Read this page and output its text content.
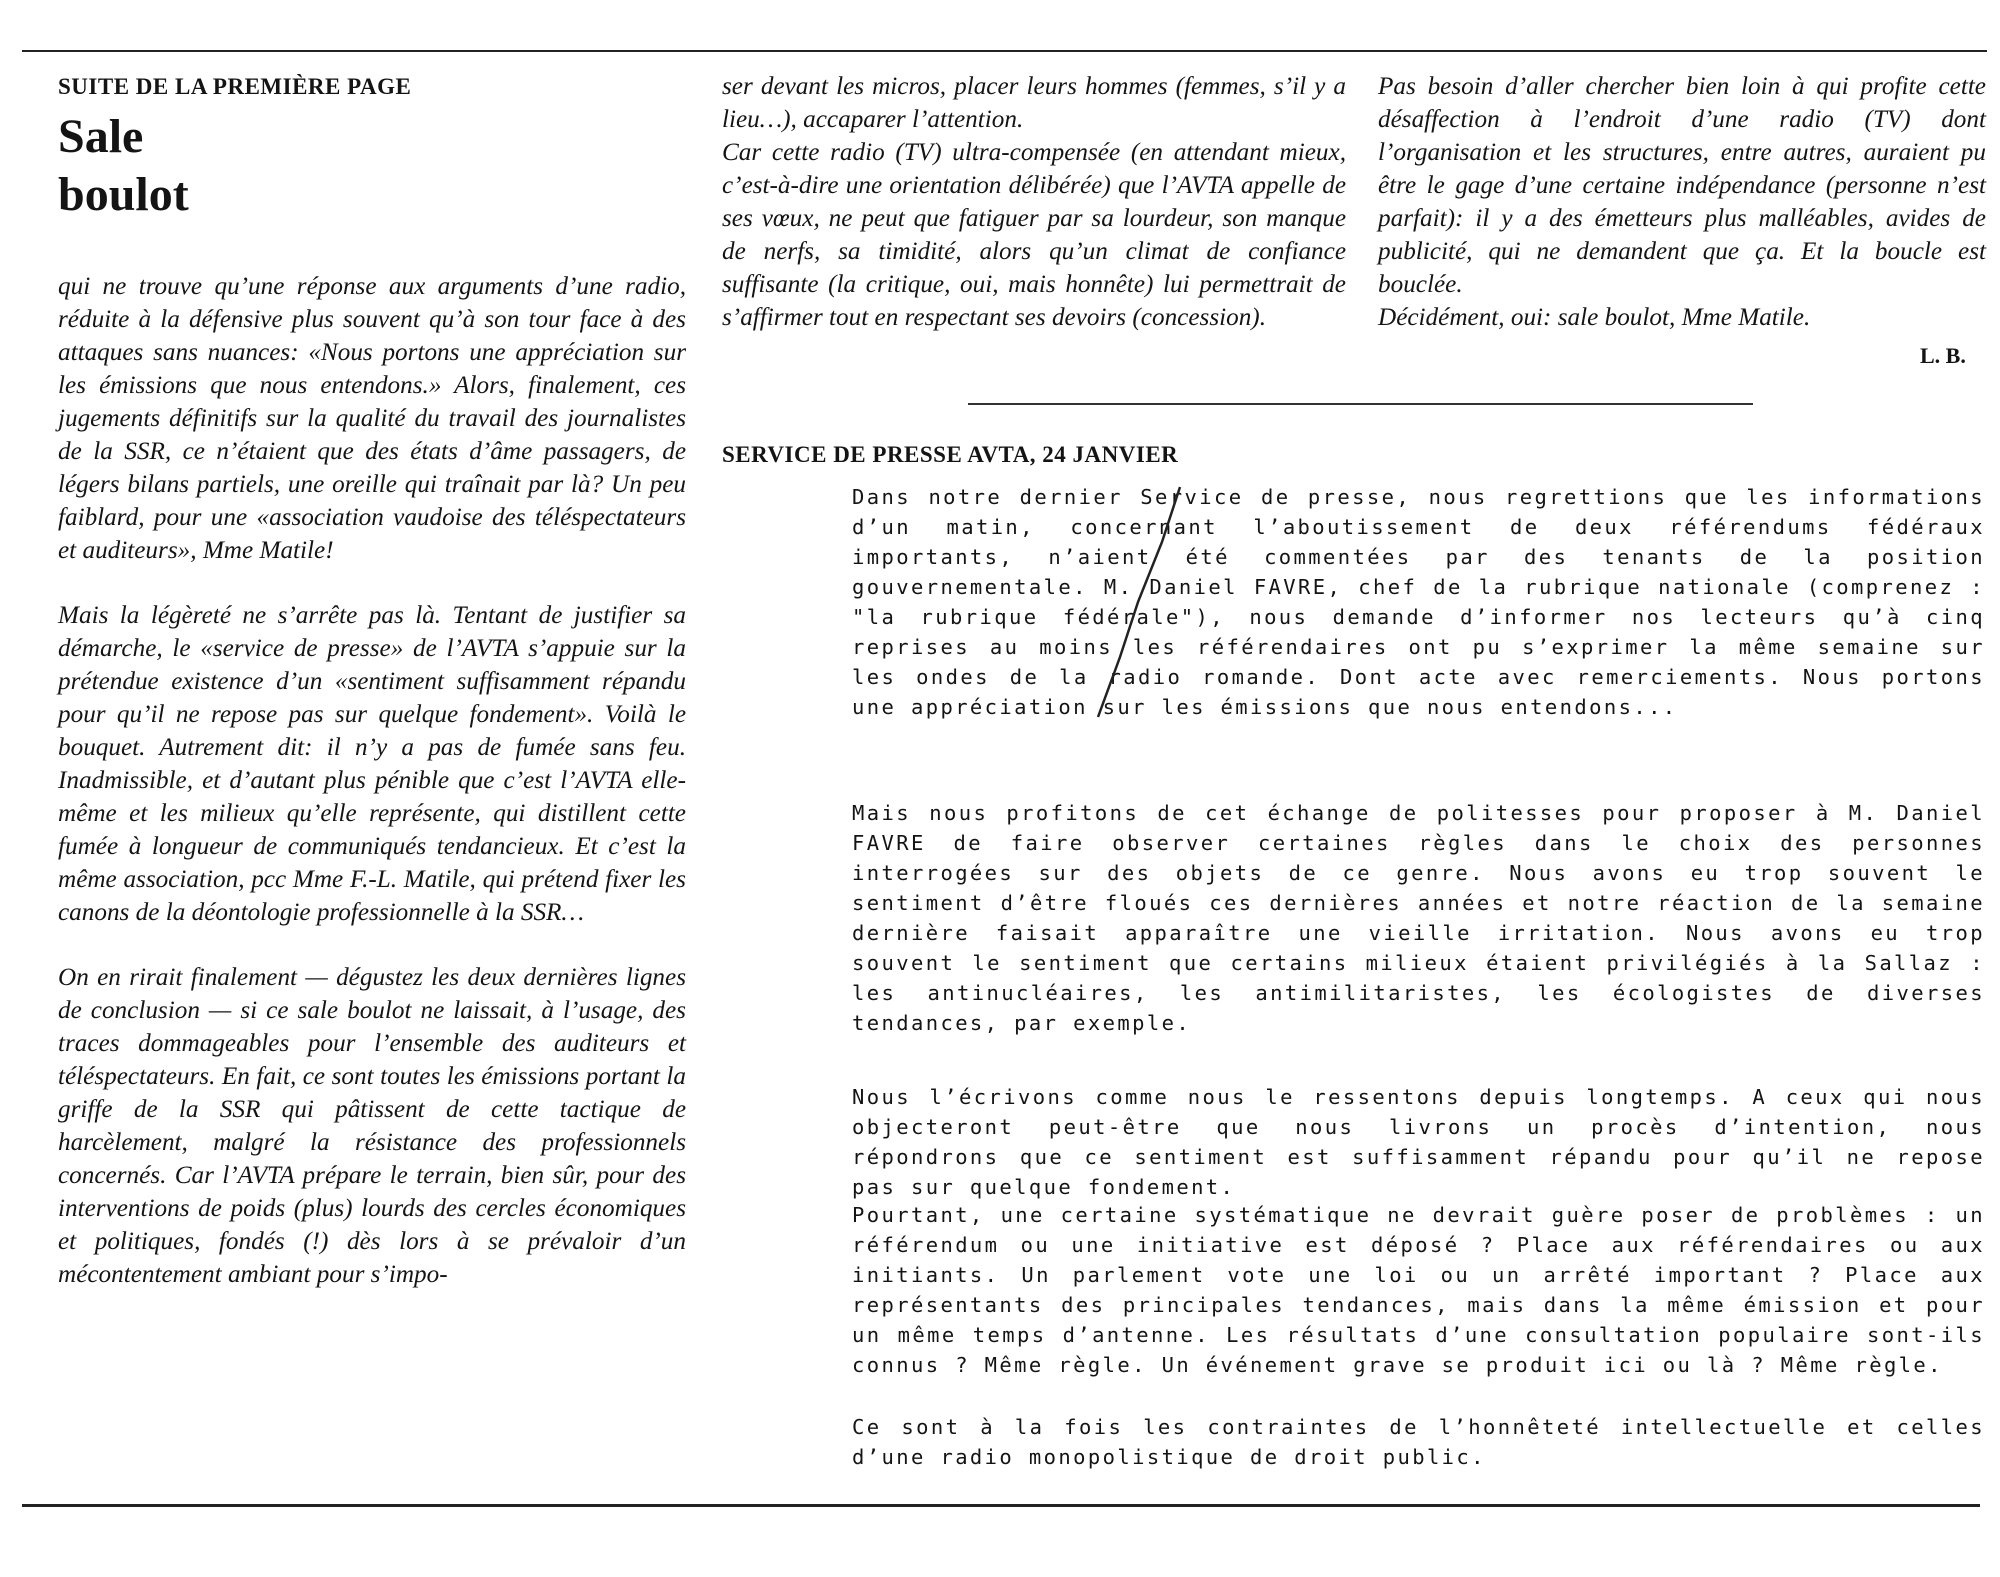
SUITE DE LA PREMIÈRE PAGE
Sale
boulot

qui ne trouve qu’une réponse aux arguments d’une radio, réduite à la défensive plus souvent qu’à son tour face à des attaques sans nuances: «Nous portons une appréciation sur les émissions que nous entendons.» Alors, finalement, ces jugements définitifs sur la qualité du travail des journalistes de la SSR, ce n’étaient que des états d’âme passagers, de légers bilans partiels, une oreille qui traînait par là? Un peu faiblard, pour une «association vaudoise des téléspectateurs et auditeurs», Mme Matile!

Mais la légèreté ne s’arrête pas là. Tentant de justifier sa démarche, le «service de presse» de l’AVTA s’appuie sur la prétendue existence d’un «sentiment suffisamment répandu pour qu’il ne repose pas sur quelque fondement». Voilà le bouquet. Autrement dit: il n’y a pas de fumée sans feu. Inadmissible, et d’autant plus pénible que c’est l’AVTA elle-même et les milieux qu’elle représente, qui distillent cette fumée à longueur de communiqués tendancieux. Et c’est la même association, pcc Mme F.-L. Matile, qui prétend fixer les canons de la déontologie professionnelle à la SSR…

On en rirait finalement — dégustez les deux dernières lignes de conclusion — si ce sale boulot ne laissait, à l’usage, des traces dommageables pour l’ensemble des auditeurs et téléspectateurs. En fait, ce sont toutes les émissions portant la griffe de la SSR qui pâtissent de cette tactique de harcèlement, malgré la résistance des professionnels concernés. Car l’AVTA prépare le terrain, bien sûr, pour des interventions de poids (plus) lourds des cercles économiques et politiques, fondés (!) dès lors à se prévaloir d’un mécontentement ambiant pour s’impo-

ser devant les micros, placer leurs hommes (femmes, s’il y a lieu…), accaparer l’attention.

Car cette radio (TV) ultra-compensée (en attendant mieux, c’est-à-dire une orientation délibérée) que l’AVTA appelle de ses vœux, ne peut que fatiguer par sa lourdeur, son manque de nerfs, sa timidité, alors qu’un climat de confiance suffisante (la critique, oui, mais honnête) lui permettrait de s’affirmer tout en respectant ses devoirs (concession).

Pas besoin d’aller chercher bien loin à qui profite cette désaffection à l’endroit d’une radio (TV) dont l’organisation et les structures, entre autres, auraient pu être le gage d’une certaine indépendance (personne n’est parfait): il y a des émetteurs plus malléables, avides de publicité, qui ne demandent que ça. Et la boucle est bouclée.

Décidément, oui: sale boulot, Mme Matile.

L. B.
SERVICE DE PRESSE AVTA, 24 JANVIER

Dans notre dernier Service de presse, nous regrettions que les informations d’un matin, concernant l’aboutissement de deux référendums fédéraux importants, n’aient été commentées par des tenants de la position gouvernementale. M. Daniel FAVRE, chef de la rubrique nationale (comprenez : "la rubrique fédérale"), nous demande d’informer nos lecteurs qu’à cinq reprises au moins les référendaires ont pu s’exprimer la même semaine sur les ondes de la radio romande. Dont acte avec remerciements. Nous portons une appréciation sur les émissions que nous entendons...

Mais nous profitons de cet échange de politesses pour proposer à M. Daniel FAVRE de faire observer certaines règles dans le choix des personnes interrogées sur des objets de ce genre. Nous avons eu trop souvent le sentiment d’être floués ces dernières années et notre réaction de la semaine dernière faisait apparaître une vieille irritation. Nous avons eu trop souvent le sentiment que certains milieux étaient privilégiés à la Sallaz : les antinucléaires, les antimilitaristes, les écologistes de diverses tendances, par exemple.

Nous l’écrivons comme nous le ressentons depuis longtemps. A ceux qui nous objecteront peut-être que nous livrons un procès d’intention, nous répondrons que ce sentiment est suffisamment répandu pour qu’il ne repose pas sur quelque fondement.

Pourtant, une certaine systématique ne devrait guère poser de problèmes : un référendum ou une initiative est déposé ? Place aux référendaires ou aux initiants. Un parlement vote une loi ou un arrêté important ? Place aux représentants des principales tendances, mais dans la même émission et pour un même temps d’antenne. Les résultats d’une consultation populaire sont-ils connus ? Même règle. Un événement grave se produit ici ou là ? Même règle.

Ce sont à la fois les contraintes de l’honnêteté intellectuelle et celles d’une radio monopolistique de droit public.
